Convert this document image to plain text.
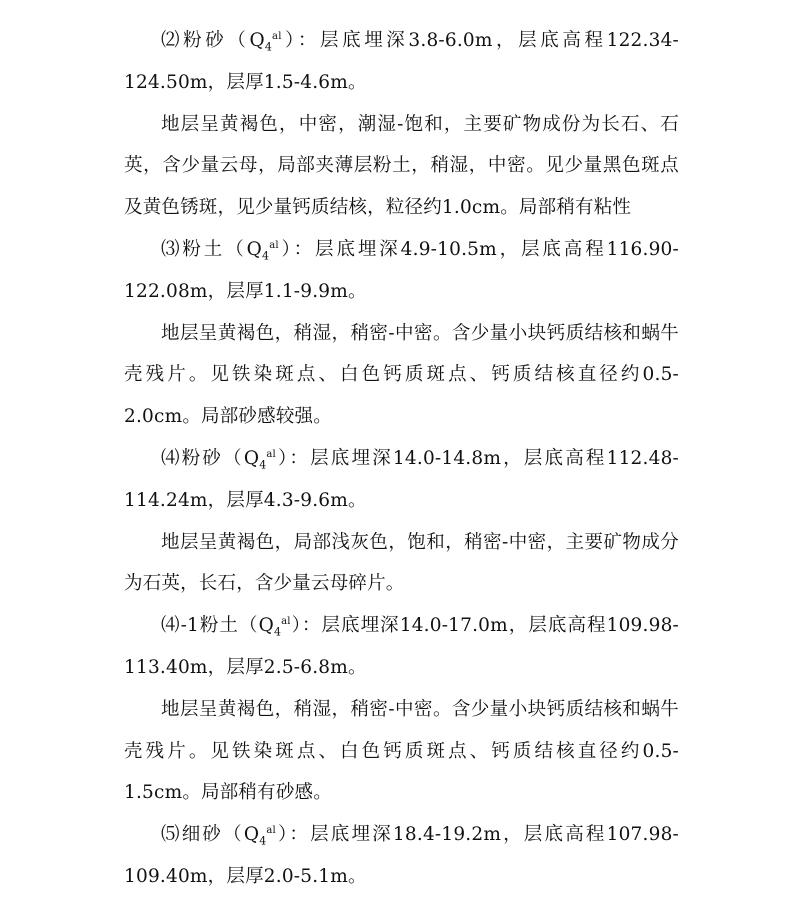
⑵粉砂$(Q_4^{al})$：层底埋深3.8-6.0m，层底高程122.34-124.50m，层厚1.5-4.6m。

地层呈黄褐色，中密，潮湿-饱和，主要矿物成份为长石、石英，含少量云母，局部夹薄层粉土，稍湿，中密。见少量黑色斑点及黄色锈斑，见少量钙质结核，粒径约1.0cm。局部稍有粘性

⑶粉土$(Q_4^{al})$：层底埋深4.9-10.5m，层底高程116.90-122.08m，层厚1.1-9.9m。

地层呈黄褐色，稍湿，稍密-中密。含少量小块钙质结核和蜗牛壳残片。见铁染斑点、白色钙质斑点、钙质结核直径约0.5-2.0cm。局部砂感较强。

⑷粉砂$(Q_4^{al})$：层底埋深14.0-14.8m，层底高程112.48-114.24m，层厚4.3-9.6m。

地层呈黄褐色，局部浅灰色，饱和，稍密-中密，主要矿物成分为石英，长石，含少量云母碎片。

⑷-1粉土$(Q_4^{al})$：层底埋深14.0-17.0m，层底高程109.98-113.40m，层厚2.5-6.8m。

地层呈黄褐色，稍湿，稍密-中密。含少量小块钙质结核和蜗牛壳残片。见铁染斑点、白色钙质斑点、钙质结核直径约0.5-1.5cm。局部稍有砂感。

⑸细砂$(Q_4^{al})$：层底埋深18.4-19.2m，层底高程107.98-109.40m，层厚2.0-5.1m。
